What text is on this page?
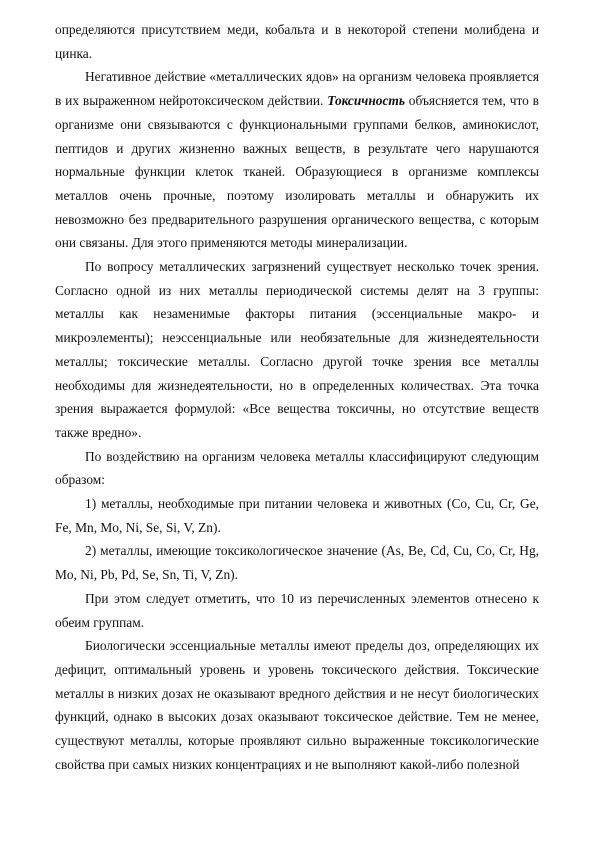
определяются присутствием меди, кобальта и в некоторой степени молибдена и цинка.

Негативное действие «металлических ядов» на организм человека проявляется в их выраженном нейротоксическом действии. Токсичность объясняется тем, что в организме они связываются с функциональными группами белков, аминокислот, пептидов и других жизненно важных веществ, в результате чего нарушаются нормальные функции клеток тканей. Образующиеся в организме комплексы металлов очень прочные, поэтому изолировать металлы и обнаружить их невозможно без предварительного разрушения органического вещества, с которым они связаны. Для этого применяются методы минерализации.

По вопросу металлических загрязнений существует несколько точек зрения. Согласно одной из них металлы периодической системы делят на 3 группы: металлы как незаменимые факторы питания (эссенциальные макро- и микроэлементы); неэссенциальные или необязательные для жизнедеятельности металлы; токсические металлы. Согласно другой точке зрения все металлы необходимы для жизнедеятельности, но в определенных количествах. Эта точка зрения выражается формулой: «Все вещества токсичны, но отсутствие веществ также вредно».

По воздействию на организм человека металлы классифицируют следующим образом:

1) металлы, необходимые при питании человека и животных (Co, Cu, Cr, Ge, Fe, Mn, Mo, Ni, Se, Si, V, Zn).

2) металлы, имеющие токсикологическое значение (As, Be, Cd, Cu, Co, Cr, Hg, Mo, Ni, Pb, Pd, Se, Sn, Ti, V, Zn).

При этом следует отметить, что 10 из перечисленных элементов отнесено к обеим группам.

Биологически эссенциальные металлы имеют пределы доз, определяющих их дефицит, оптимальный уровень и уровень токсического действия. Токсические металлы в низких дозах не оказывают вредного действия и не несут биологических функций, однако в высоких дозах оказывают токсическое действие. Тем не менее, существуют металлы, которые проявляют сильно выраженные токсикологические свойства при самых низких концентрациях и не выполняют какой-либо полезной
